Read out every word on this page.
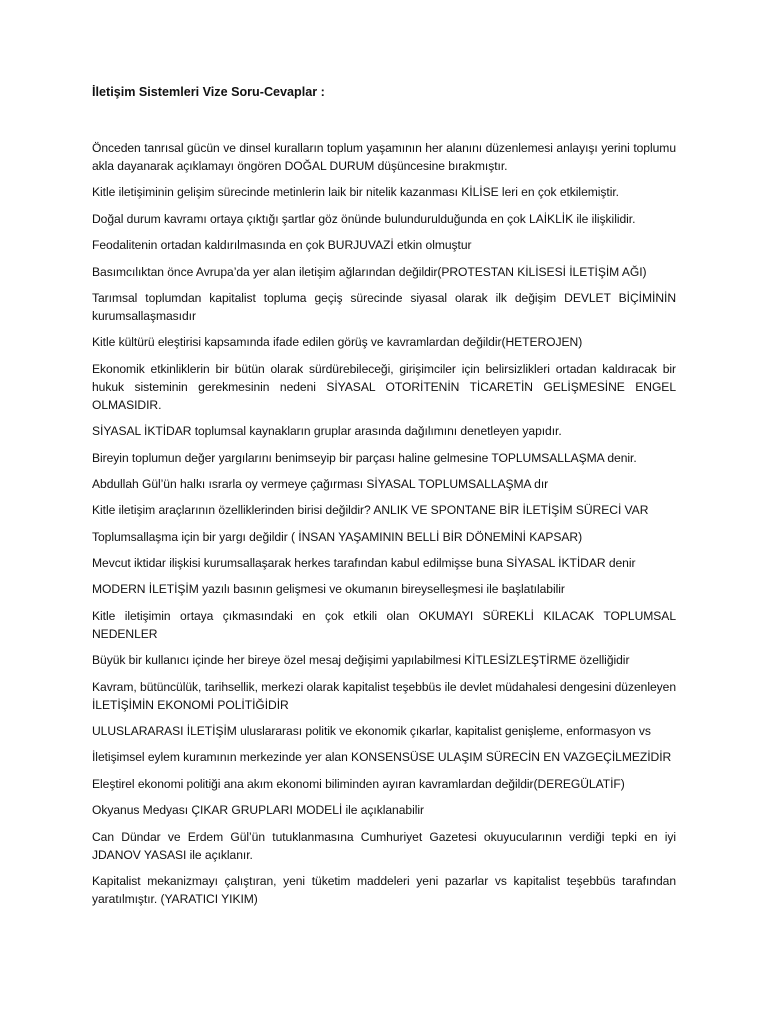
İletişim Sistemleri Vize Soru-Cevaplar :

Önceden tanrısal gücün ve dinsel kuralların toplum yaşamının her alanını düzenlemesi anlayışı yerini toplumu akla dayanarak açıklamayı öngören DOĞAL DURUM düşüncesine bırakmıştır.

Kitle iletişiminin gelişim sürecinde metinlerin laik bir nitelik kazanması KİLİSE leri en çok etkilemiştir.

Doğal durum kavramı ortaya çıktığı şartlar göz önünde bulundurulduğunda en çok LAİKLİK ile ilişkilidir.

Feodalitenin ortadan kaldırılmasında en çok BURJUVAZİ etkin olmuştur

Basımcılıktan önce Avrupa’da yer alan iletişim ağlarından değildir(PROTESTAN KİLİSESİ İLETİŞİM AĞI)

Tarımsal toplumdan kapitalist topluma geçiş sürecinde siyasal olarak ilk değişim DEVLET BİÇİMİNİN kurumsallaşmasıdır

Kitle kültürü eleştirisi kapsamında ifade edilen görüş ve kavramlardan değildir(HETEROJEN)

Ekonomik etkinliklerin bir bütün olarak sürdürebileceği, girişimciler için belirsizlikleri ortadan kaldıracak bir hukuk sisteminin gerekmesinin nedeni SİYASAL OTORİTENİN TİCARETİN GELİŞMESİNE ENGEL OLMASIDIR.

SİYASAL İKTİDAR toplumsal kaynakların gruplar arasında dağılımını denetleyen yapıdır.

Bireyin toplumun değer yargılarını benimseyip bir parçası haline gelmesine TOPLUMSALLAŞMA denir.

Abdullah Gül’ün halkı ısrarla oy vermeye çağırması SİYASAL TOPLUMSALLAŞMA dır

Kitle iletişim araçlarının özelliklerinden birisi değildir? ANLIK VE SPONTANE BİR İLETİŞİM SÜRECİ VAR

Toplumsallaşma için bir yargı değildir ( İNSAN YAŞAMININ BELLİ BİR DÖNEMİNİ KAPSAR)

Mevcut iktidar ilişkisi kurumsallaşarak herkes tarafından kabul edilmişse buna SİYASAL İKTİDAR denir

MODERN İLETİŞİM yazılı basının gelişmesi ve okumanın bireyselleşmesi ile başlatılabilir

Kitle iletişimin ortaya çıkmasındaki en çok etkili olan OKUMAYI SÜREKLİ KILACAK TOPLUMSAL NEDENLER

Büyük bir kullanıcı içinde her bireye özel mesaj değişimi yapılabilmesi KİTLESİZLEŞTİRME özelliğidir

Kavram, bütüncülük, tarihsellik, merkezi olarak kapitalist teşebbüs ile devlet müdahalesi dengesini düzenleyen İLETİŞİMİN EKONOMİ POLİTİĞİDİR

ULUSLARARASI İLETİŞİM uluslararası politik ve ekonomik çıkarlar, kapitalist genişleme, enformasyon vs

İletişimsel eylem kuramının merkezinde yer alan KONSENSÜSE ULAŞIM SÜRECİN EN VAZGEÇİLMEZİDİR

Eleştirel ekonomi politiği ana akım ekonomi biliminden ayıran kavramlardan değildir(DEREGÜLATİF)

Okyanus Medyası ÇIKAR GRUPLARI MODELİ ile açıklanabilir

Can Dündar ve Erdem Gül’ün tutuklanmasına Cumhuriyet Gazetesi okuyucularının verdiği tepki en iyi JDANOV YASASI ile açıklanır.

Kapitalist mekanizmayı çalıştıran, yeni tüketim maddeleri yeni pazarlar vs kapitalist teşebbüs tarafından yaratılmıştır. (YARATICI YIKIM)
